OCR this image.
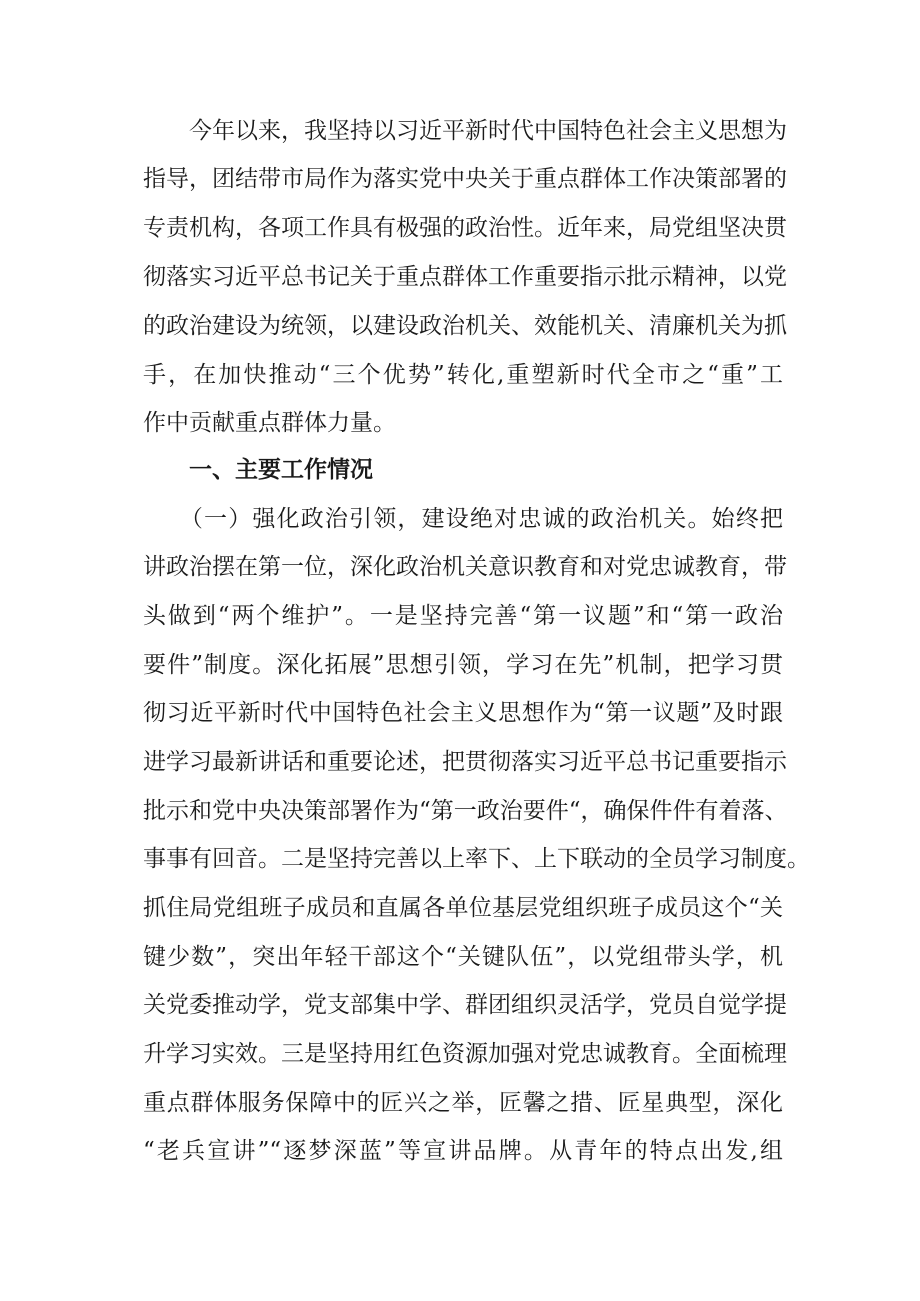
　　今年以来，我坚持以习近平新时代中国特色社会主义思想为
指导，团结带市局作为落实党中央关于重点群体工作决策部署的
专责机构，各项工作具有极强的政治性。近年来，局党组坚决贯
彻落实习近平总书记关于重点群体工作重要指示批示精神，以党
的政治建设为统领，以建设政治机关、效能机关、清廉机关为抓
手，在加快推动“三个优势”转化,重塑新时代全市之“重”工
作中贡献重点群体力量。
　　一、主要工作情况
　　（一）强化政治引领，建设绝对忠诚的政治机关。始终把
讲政治摆在第一位，深化政治机关意识教育和对党忠诚教育，带
头做到“两个维护”。一是坚持完善“第一议题”和“第一政治
要件”制度。深化拓展”思想引领，学习在先”机制，把学习贯
彻习近平新时代中国特色社会主义思想作为“第一议题”及时跟
进学习最新讲话和重要论述，把贯彻落实习近平总书记重要指示
批示和党中央决策部署作为“第一政治要件“，确保件件有着落、
事事有回音。二是坚持完善以上率下、上下联动的全员学习制度。
抓住局党组班子成员和直属各单位基层党组织班子成员这个“关
键少数”，突出年轻干部这个“关键队伍”，以党组带头学，机
关党委推动学，党支部集中学、群团组织灵活学，党员自觉学提
升学习实效。三是坚持用红色资源加强对党忠诚教育。全面梳理
重点群体服务保障中的匠兴之举，匠馨之措、匠星典型，深化
“老兵宣讲”“逐梦深蓝”等宣讲品牌。从青年的特点出发,组
